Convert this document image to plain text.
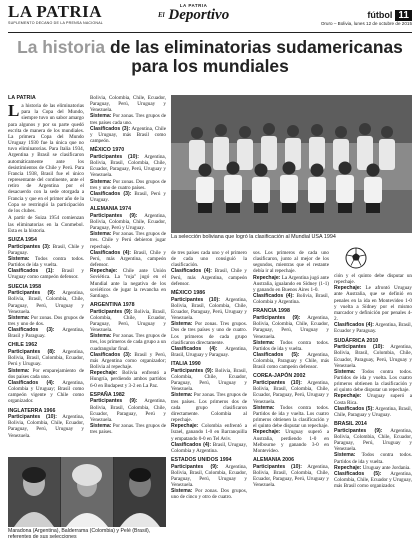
LA PATRIA
SUPLEMENTO DECANO DE LA PRENSA NACIONAL
LA PATRIA
$^{El}$ Deportivo	fútbol 11
Oruro – Bolivia, lunes 12 de octubre de 2015
La historia de las eliminatorias sudamericanas para los mundiales
LA PATRIA

La historia de las eliminatorias para la Copa del Mundo, siempre tuvo un sabor amargo para algunos y por su parte quedó escrita de manera de los mundiales. La primera Copa del Mundo Uruguay 1930 fue la única que no tuvo eliminatorias. Para Italia 1934, Argentina y Brasil se clasificaron automáticamente ante los desistimientos de Chile y Perú. Para Francia 1938, Brasil fue el único representante del continente, ante el retiro de Argentina por el desacuerdo con la sede otorgada a Francia y que en el primer año de la Copa se restringió la participación de los clubes.

A partir de Suiza 1954 comienzan las eliminatorias en la Conmebol. Esta es la historia.

SUIZA 1954

Participantes (3): Brasil, Chile y Paraguay.
Sistema: Todos contra todos. Partidos de ida y vuelta.
Clasificados (1): Brasil y Uruguay como campeón defensor.

SUECIA 1958

Participantes (9): Argentina, Bolivia, Brasil, Colombia, Chile, Paraguay, Perú, Uruguay y Venezuela.
Sistema: Por zonas. Dos grupos de tres y uno de dos.
Clasificados (3): Argentina, Brasil y Paraguay.

CHILE 1962

Participantes (8): Argentina, Bolivia, Brasil, Colombia, Ecuador, Perú y Uruguay.
Sistema: Por emparejamiento de dos países cada uno.
Clasificados (4): Argentina, Colombia y Uruguay; Brasil como campeón vigente y Chile como organizador.

INGLATERRA 1966

Participantes (10): Argentina, Bolivia, Colombia, Chile, Ecuador, Paraguay, Perú, Uruguay y Venezuela.

Bolivia, Colombia, Chile, Ecuador, Paraguay, Perú, Uruguay y Venezuela.
Sistema: Por zonas. Tres grupos de tres países cada uno.
Clasificados (3): Argentina, Chile y Uruguay, más Brasil como campeón.

MÉXICO 1970

Participantes (10): Argentina, Bolivia, Brasil, Colombia, Chile, Ecuador, Paraguay, Perú, Uruguay y Venezuela.
Sistema: Por zonas. Dos grupos de tres y uno de cuatro países.
Clasificados (3): Brasil, Perú y Uruguay.

ALEMANIA 1974

Participantes (9): Argentina, Bolivia, Colombia, Chile, Ecuador, Paraguay, Perú y Uruguay.
Sistema: Por zonas. Tres grupos de tres. Chile y Perú debieron jugar repechaje.
Clasificados (4): Brasil, Chile y Perú, más Argentina, campeón defensor.
Repechaje: Chile ante Unión Soviética. La "roja" jugó en el Mundial ante la negativa de los soviéticos de jugar la revancha en Santiago.

ARGENTINA 1978

Participantes (9): Bolivia, Brasil, Colombia, Chile, Ecuador, Paraguay, Perú, Uruguay y Venezuela.
Sistema: Por zonas. Tres grupos de tres, los primeros de cada grupo a un cuadrangular final.
Clasificados (3): Brasil y Perú, más Argentina como organizador; Bolivia al repechaje.
Repechaje: Bolivia enfrentó a Hungría, perdiendo ambos partidos 6-0 en Budapest y 3-2 en La Paz.

ESPAÑA 1982

Participantes (9): Argentina, Bolivia, Brasil, Colombia, Chile, Ecuador, Paraguay, Perú y Venezuela.
Sistema: Por zonas. Tres grupos de tres países.

La selección boliviana que logró la clasificación al Mundial USA 1994

de tres países cada uno y el primero de cada uno consiguió la clasificación.
Clasificados (4): Brasil, Chile y Perú, más Argentina, campeón defensor.

MÉXICO 1986

Participantes (10): Argentina, Bolivia, Brasil, Colombia, Chile, Ecuador, Paraguay, Perú, Uruguay y Venezuela.
Sistema: Por zonas. Tres grupos. Dos de tres países y uno de cuatro. Los primeros de cada grupo clasificaron directamente.
Clasificados (4): Argentina, Brasil, Uruguay y Paraguay.

ITALIA 1990

Participantes (9): Bolivia, Brasil, Colombia, Chile, Ecuador, Paraguay, Perú, Uruguay y Venezuela.
Sistema: Por zonas. Tres grupos de tres países. Los primeros dos de cada grupo clasificaron directamente. Colombia al repechaje.
Repechaje: Colombia enfrentó a Israel, ganando 1-0 en Barranquilla y empatando 0-0 en Tel Aviv.
Clasificados (4): Brasil, Uruguay, Colombia y Argentina.

ESTADOS UNIDOS 1994

Participantes (9): Argentina, Bolivia, Brasil, Colombia, Ecuador, Paraguay, Perú, Uruguay y Venezuela.
Sistema: Por zonas. Dos grupos, uno de cinco y otro de cuatro.

sos. Los primeros de cada uno clasificaron, junto al mejor de los segundos, mientras que el restante debía ir al repechaje.
Repechaje: La Argentina jugó ante Australia, igualando en Sídney (1-1) y ganando en Buenos Aires 1-0.
Clasificados (4): Bolivia, Brasil, Colombia y Argentina.

FRANCIA 1998

Participantes (9): Argentina, Bolivia, Colombia, Chile, Ecuador, Paraguay, Perú, Uruguay y Venezuela.
Sistema: Todos contra todos. Partidos de ida y vuelta.
Clasificados (5): Argentina, Colombia, Paraguay y Chile, más Brasil como campeón defensor.

COREA-JAPÓN 2002

Participantes (10): Argentina, Bolivia, Brasil, Colombia, Chile, Ecuador, Paraguay, Perú, Uruguay y Venezuela.
Sistema: Todos contra todos. Partidos de ida y vuelta. Los cuatro primeros obtienen la clasificación y el quinto debe disputar un repechaje.
Repechaje: Uruguay superó a Australia, perdiendo 1-0 en Melbourne y ganando 3-0 en Montevideo.

ALEMANIA 2006

Participantes (10): Argentina, Bolivia, Brasil, Colombia, Chile, Ecuador, Paraguay, Perú, Uruguay y Venezuela.

ción y el quinto debe disputar un repechaje.
Repechaje: Le afrontó Uruguay ante Australia, que se definió en penales en la ida en Montevideo 1-0 y vuelta a Sídney por el mismo marcador y definición por penales 4-2.
Clasificados (4): Argentina, Brasil, Ecuador y Paraguay.

SUDÁFRICA 2010

Participantes (10): Argentina, Bolivia, Brasil, Colombia, Chile, Ecuador, Paraguay, Perú, Uruguay y Venezuela.
Sistema: Todos contra todos. Partidos de ida y vuelta. Los cuatro primeros obtienen la clasificación y el quinto debe disputar un repechaje.
Repechaje: Uruguay superó a Costa Rica.
Clasificados (5): Argentina, Brasil, Chile, Paraguay y Uruguay.

BRASIL 2014

Participantes (9): Argentina, Bolivia, Colombia, Chile, Ecuador, Paraguay, Perú, Uruguay y Venezuela.
Sistema: Todos contra todos. Partidos de ida y vuelta.
Repechaje: Uruguay ante Jordania.
Clasificados (5): Argentina, Colombia, Chile, Ecuador y Uruguay, más Brasil como organizador.

Maradona (Argentina), Balderrama (Colombia) y Pelé (Brasil), referentes de sus selecciones
